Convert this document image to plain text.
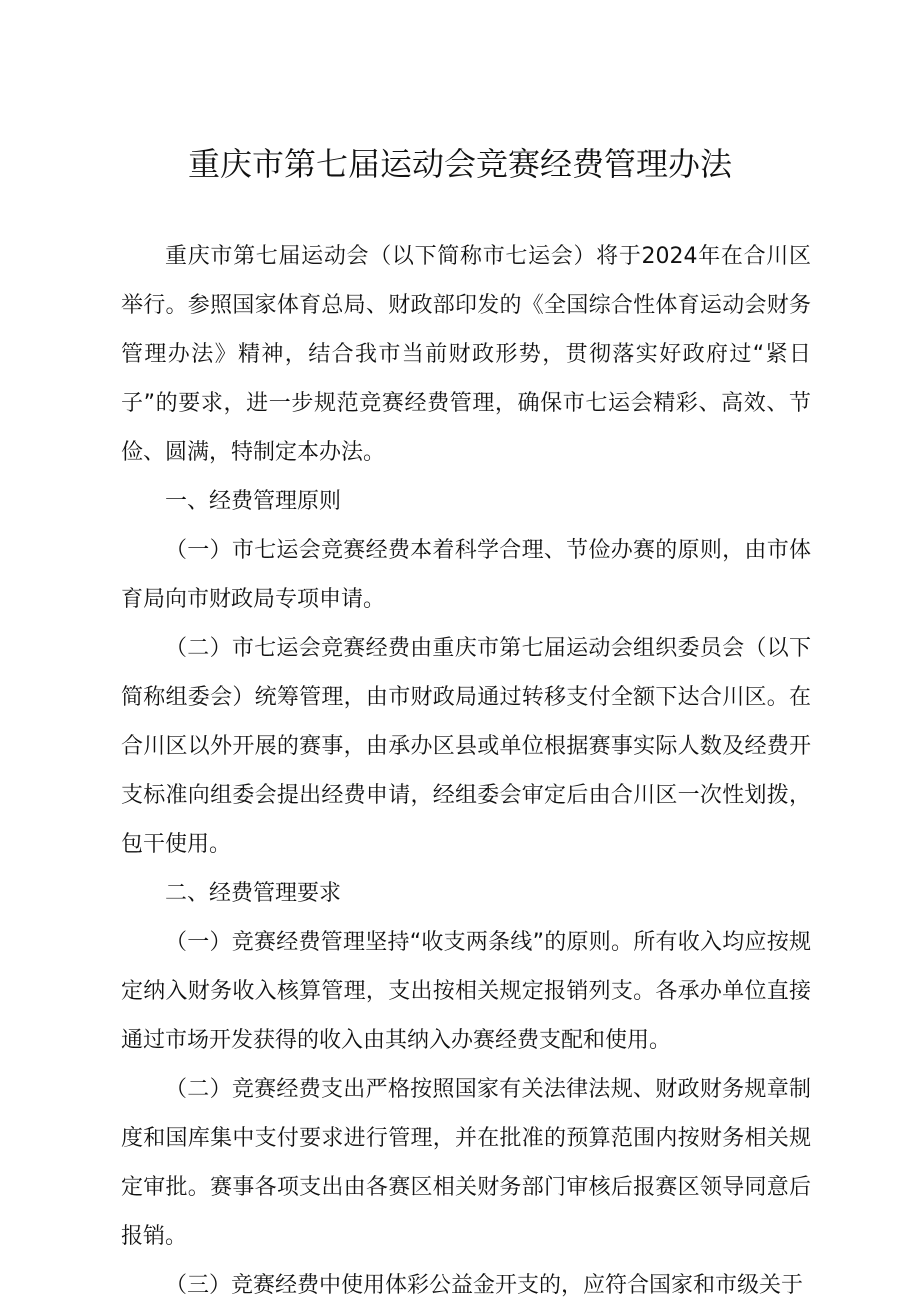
重庆市第七届运动会竞赛经费管理办法

重庆市第七届运动会（以下简称市七运会）将于2024年在合川区举行。参照国家体育总局、财政部印发的《全国综合性体育运动会财务管理办法》精神，结合我市当前财政形势，贯彻落实好政府过“紧日子”的要求，进一步规范竞赛经费管理，确保市七运会精彩、高效、节俭、圆满，特制定本办法。

一、经费管理原则

（一）市七运会竞赛经费本着科学合理、节俭办赛的原则，由市体育局向市财政局专项申请。

（二）市七运会竞赛经费由重庆市第七届运动会组织委员会（以下简称组委会）统筹管理，由市财政局通过转移支付全额下达合川区。在合川区以外开展的赛事，由承办区县或单位根据赛事实际人数及经费开支标准向组委会提出经费申请，经组委会审定后由合川区一次性划拨，包干使用。

二、经费管理要求

（一）竞赛经费管理坚持“收支两条线”的原则。所有收入均应按规定纳入财务收入核算管理，支出按相关规定报销列支。各承办单位直接通过市场开发获得的收入由其纳入办赛经费支配和使用。

（二）竞赛经费支出严格按照国家有关法律法规、财政财务规章制度和国库集中支付要求进行管理，并在批准的预算范围内按财务相关规定审批。赛事各项支出由各赛区相关财务部门审核后报赛区领导同意后报销。

（三）竞赛经费中使用体彩公益金开支的，应符合国家和市级关于
